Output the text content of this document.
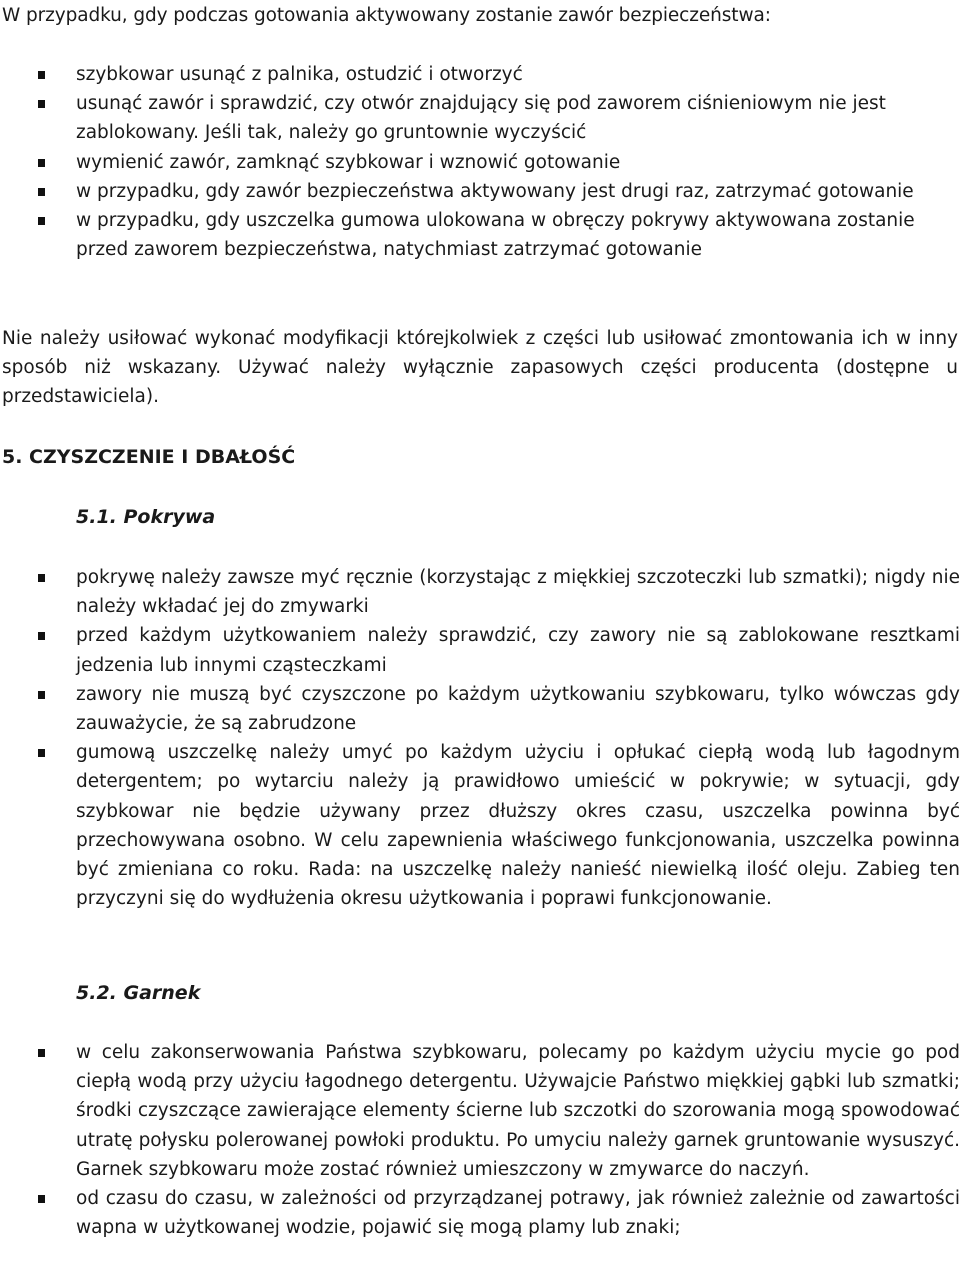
W przypadku, gdy podczas gotowania aktywowany zostanie zawór bezpieczeństwa:

szybkowar usunąć z palnika, ostudzić i otworzyć
usunąć zawór i sprawdzić, czy otwór znajdujący się pod zaworem ciśnieniowym nie jest zablokowany. Jeśli tak, należy go gruntownie wyczyścić
wymienić zawór, zamknąć szybkowar i wznowić gotowanie
w przypadku, gdy zawór bezpieczeństwa aktywowany jest drugi raz, zatrzymać gotowanie
w przypadku, gdy uszczelka gumowa ulokowana w obręczy pokrywy aktywowana zostanie przed zaworem bezpieczeństwa, natychmiast zatrzymać gotowanie

Nie należy usiłować wykonać modyfikacji którejkolwiek z części lub usiłować zmontowania ich w inny sposób niż wskazany. Używać należy wyłącznie zapasowych części producenta (dostępne u przedstawiciela).

5. CZYSZCZENIE I DBAŁOŚĆ
5.1. Pokrywa
pokrywę należy zawsze myć ręcznie (korzystając z miękkiej szczoteczki lub szmatki); nigdy nie należy wkładać jej do zmywarki
przed każdym użytkowaniem należy sprawdzić, czy zawory nie są zablokowane resztkami jedzenia lub innymi cząsteczkami
zawory nie muszą być czyszczone po każdym użytkowaniu szybkowaru, tylko wówczas gdy zauważycie, że są zabrudzone
gumową uszczelkę należy umyć po każdym użyciu i opłukać ciepłą wodą lub łagodnym detergentem; po wytarciu należy ją prawidłowo umieścić w pokrywie; w sytuacji, gdy szybkowar nie będzie używany przez dłuższy okres czasu, uszczelka powinna być przechowywana osobno. W celu zapewnienia właściwego funkcjonowania, uszczelka powinna być zmieniana co roku. Rada: na uszczelkę należy nanieść niewielką ilość oleju. Zabieg ten przyczyni się do wydłużenia okresu użytkowania i poprawi funkcjonowanie.
5.2. Garnek
w celu zakonserwowania Państwa szybkowaru, polecamy po każdym użyciu mycie go pod ciepłą wodą przy użyciu łagodnego detergentu. Używajcie Państwo miękkiej gąbki lub szmatki; środki czyszczące zawierające elementy ścierne lub szczotki do szorowania mogą spowodować utratę połysku polerowanej powłoki produktu. Po umyciu należy garnek gruntowanie wysuszyć. Garnek szybkowaru może zostać również umieszczony w zmywarce do naczyń.
od czasu do czasu, w zależności od przyrządzanej potrawy, jak również zależnie od zawartości wapna w użytkowanej wodzie, pojawić się mogą plamy lub znaki;
